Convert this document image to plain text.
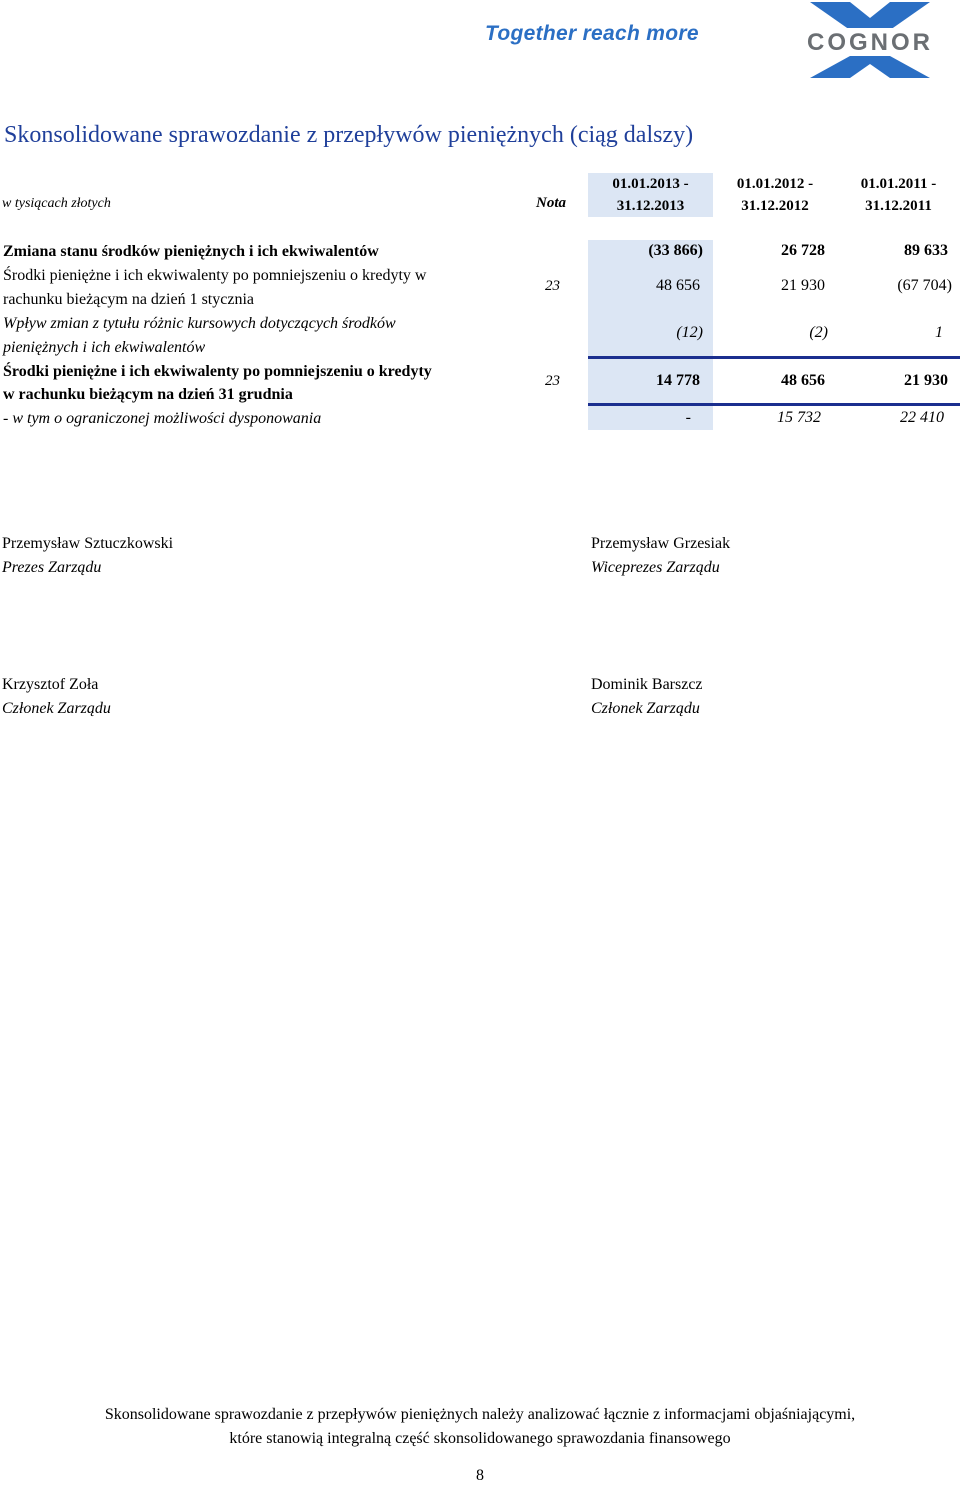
Together reach more	COGNOR
Skonsolidowane sprawozdanie z przepływów pieniężnych (ciąg dalszy)
w tysiącach złotych	Nota
01.01.2013 -
31.12.2013
01.01.2012 -
31.12.2012
01.01.2011 -
31.12.2011
Zmiana stanu środków pieniężnych i ich ekwiwalentów	(33 866)	26 728	89 633
Środki pieniężne i ich ekwiwalenty po pomniejszeniu o kredyty w
rachunku bieżącym na dzień 1 stycznia
23	48 656	21 930	(67 704)
Wpływ zmian z tytułu różnic kursowych dotyczących środków
pieniężnych i ich ekwiwalentów
(12)	(2)	1
Środki pieniężne i ich ekwiwalenty po pomniejszeniu o kredyty
w rachunku bieżącym na dzień 31 grudnia
23	14 778	48 656	21 930
- w tym o ograniczonej możliwości dysponowania	-	15 732	22 410
Przemysław Sztuczkowski
Prezes Zarządu
Przemysław Grzesiak
Wiceprezes Zarządu
Krzysztof Zoła
Członek Zarządu
Dominik Barszcz
Członek Zarządu
Skonsolidowane sprawozdanie z przepływów pieniężnych należy analizować łącznie z informacjami objaśniającymi,
które stanowią integralną część skonsolidowanego sprawozdania finansowego
8
